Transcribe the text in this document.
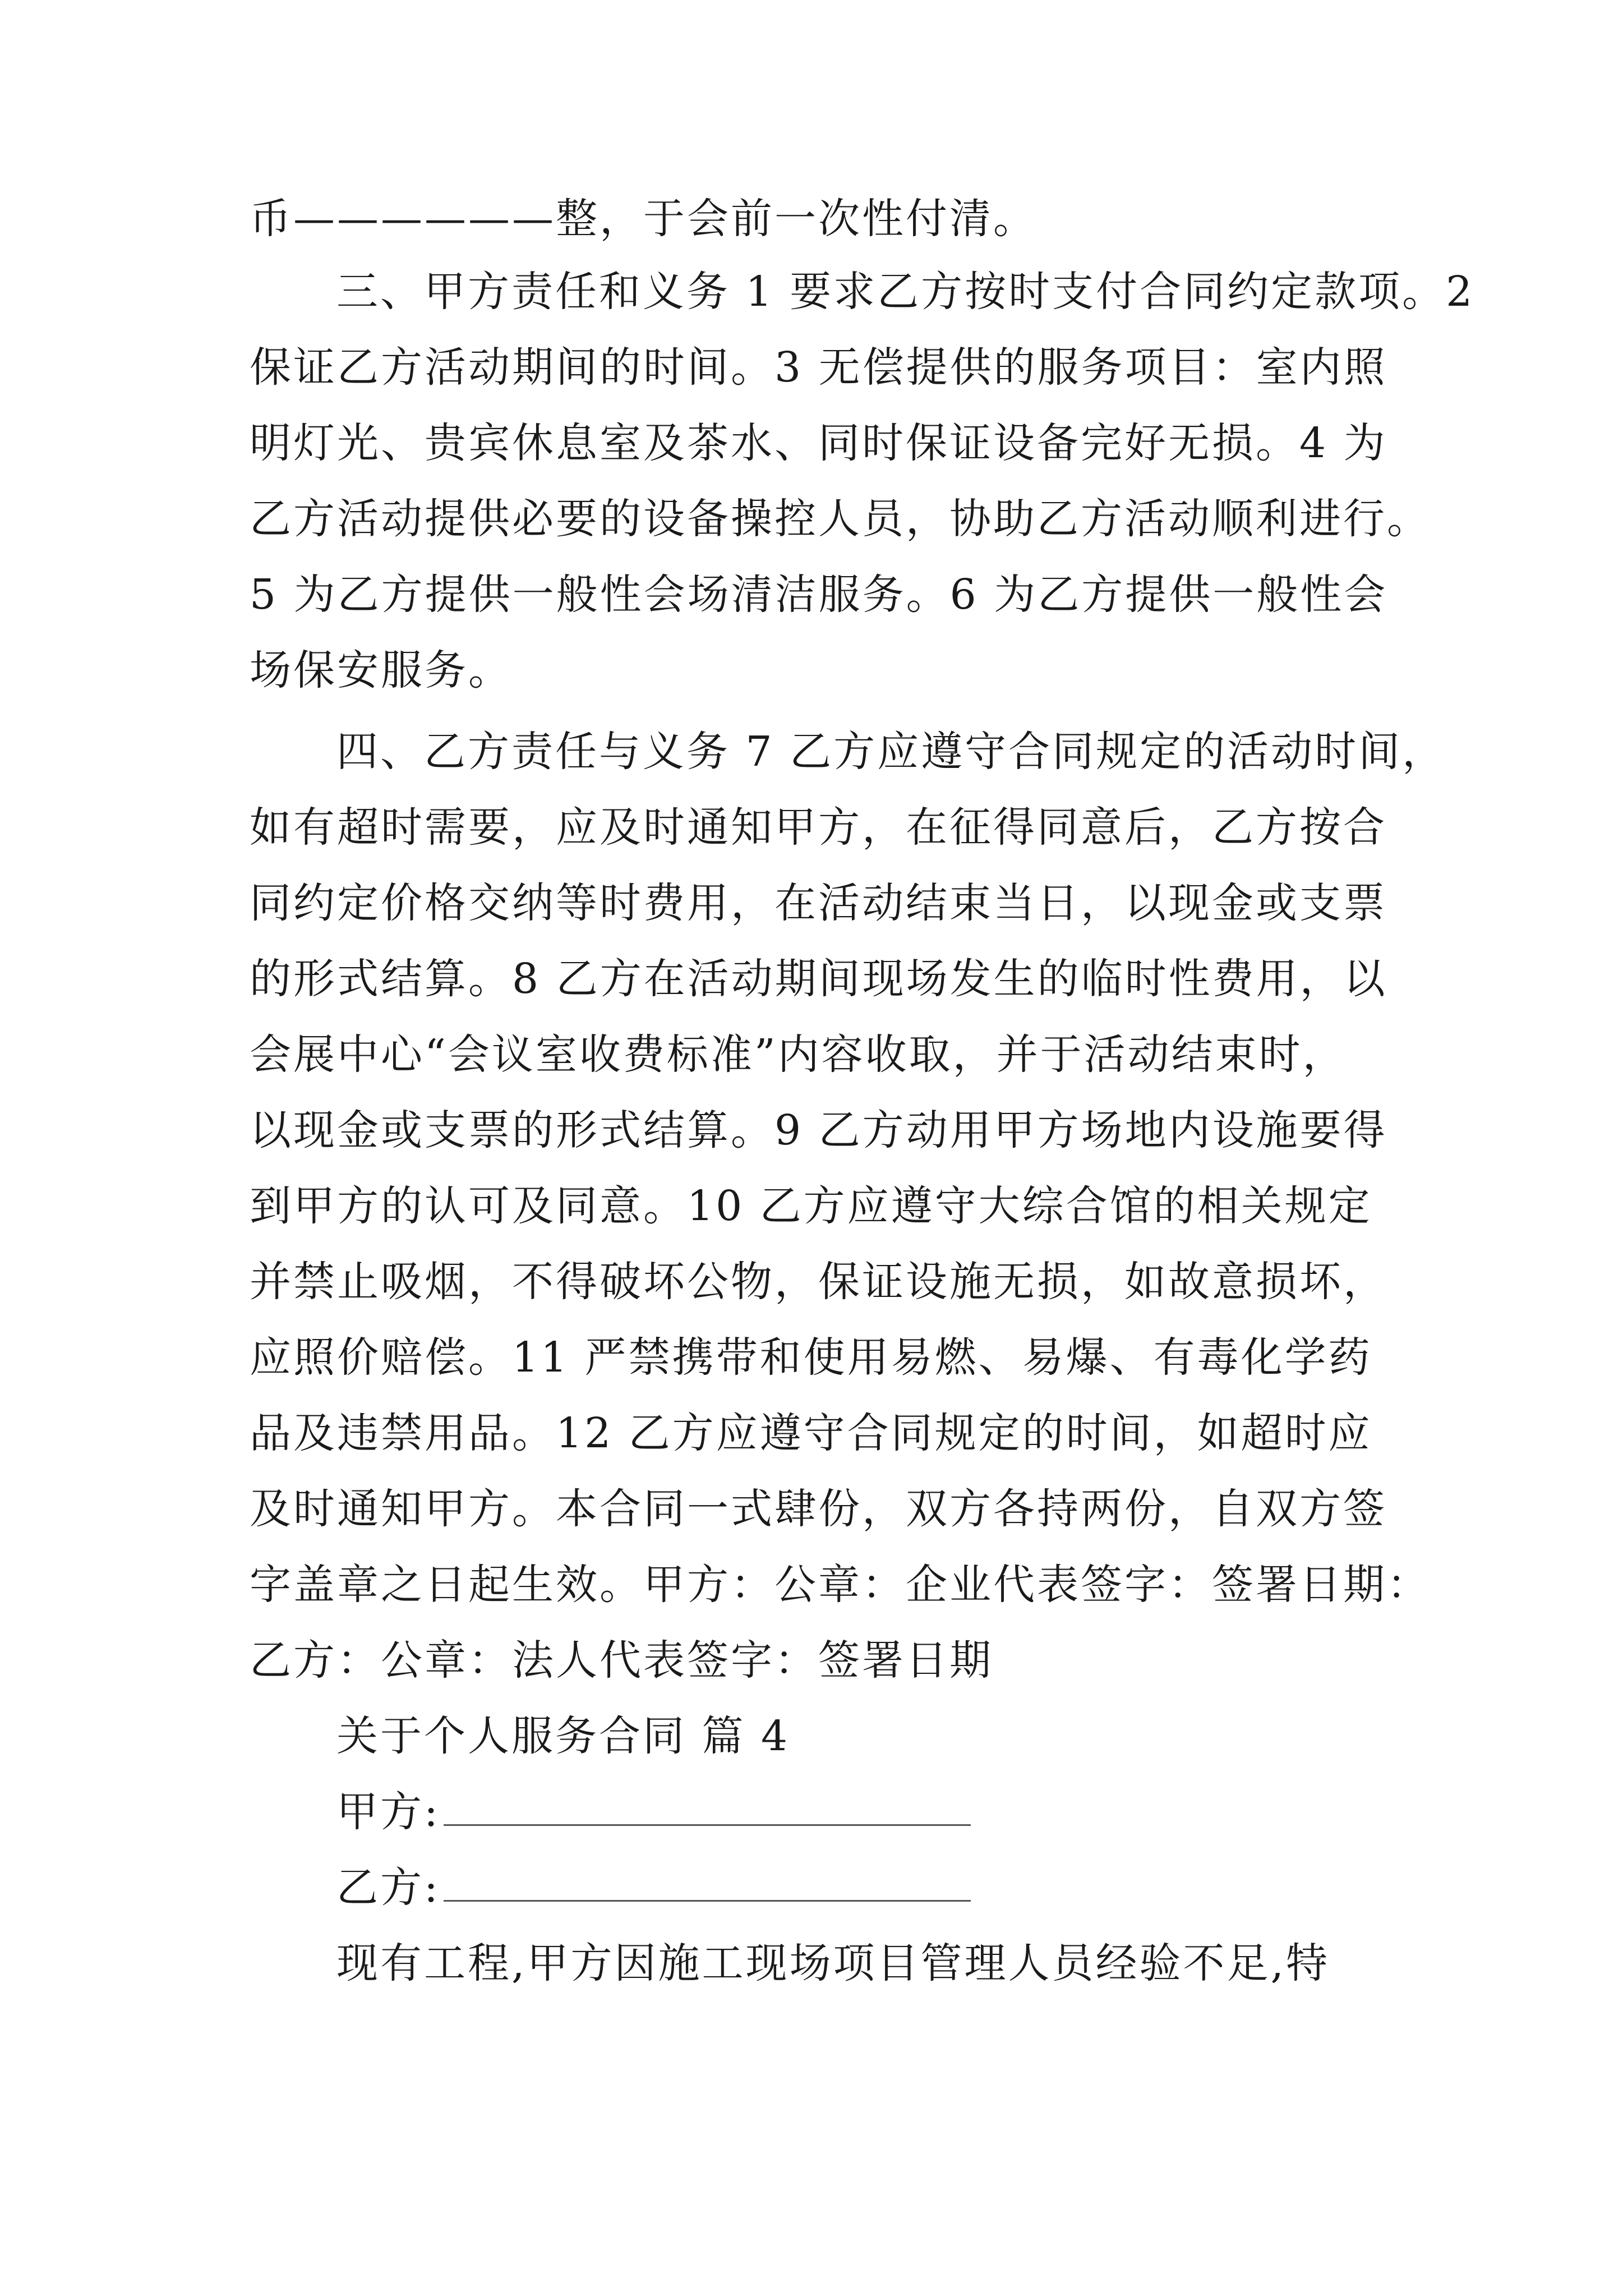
币——————整，于会前一次性付清。
三、甲方责任和义务 1 要求乙方按时支付合同约定款项。2
保证乙方活动期间的时间。3 无偿提供的服务项目：室内照
明灯光、贵宾休息室及茶水、同时保证设备完好无损。4 为
乙方活动提供必要的设备操控人员，协助乙方活动顺利进行。
5 为乙方提供一般性会场清洁服务。6 为乙方提供一般性会
场保安服务。
四、乙方责任与义务 7 乙方应遵守合同规定的活动时间，
如有超时需要，应及时通知甲方，在征得同意后，乙方按合
同约定价格交纳等时费用，在活动结束当日，以现金或支票
的形式结算。8 乙方在活动期间现场发生的临时性费用，以
会展中心“会议室收费标准”内容收取，并于活动结束时，
以现金或支票的形式结算。9 乙方动用甲方场地内设施要得
到甲方的认可及同意。10 乙方应遵守大综合馆的相关规定
并禁止吸烟，不得破坏公物，保证设施无损，如故意损坏，
应照价赔偿。11 严禁携带和使用易燃、易爆、有毒化学药
品及违禁用品。12 乙方应遵守合同规定的时间，如超时应
及时通知甲方。本合同一式肆份，双方各持两份，自双方签
字盖章之日起生效。甲方：公章：企业代表签字：签署日期：
乙方：公章：法人代表签字：签署日期
关于个人服务合同 篇 4
甲方:
乙方:
现有工程,甲方因施工现场项目管理人员经验不足,特
